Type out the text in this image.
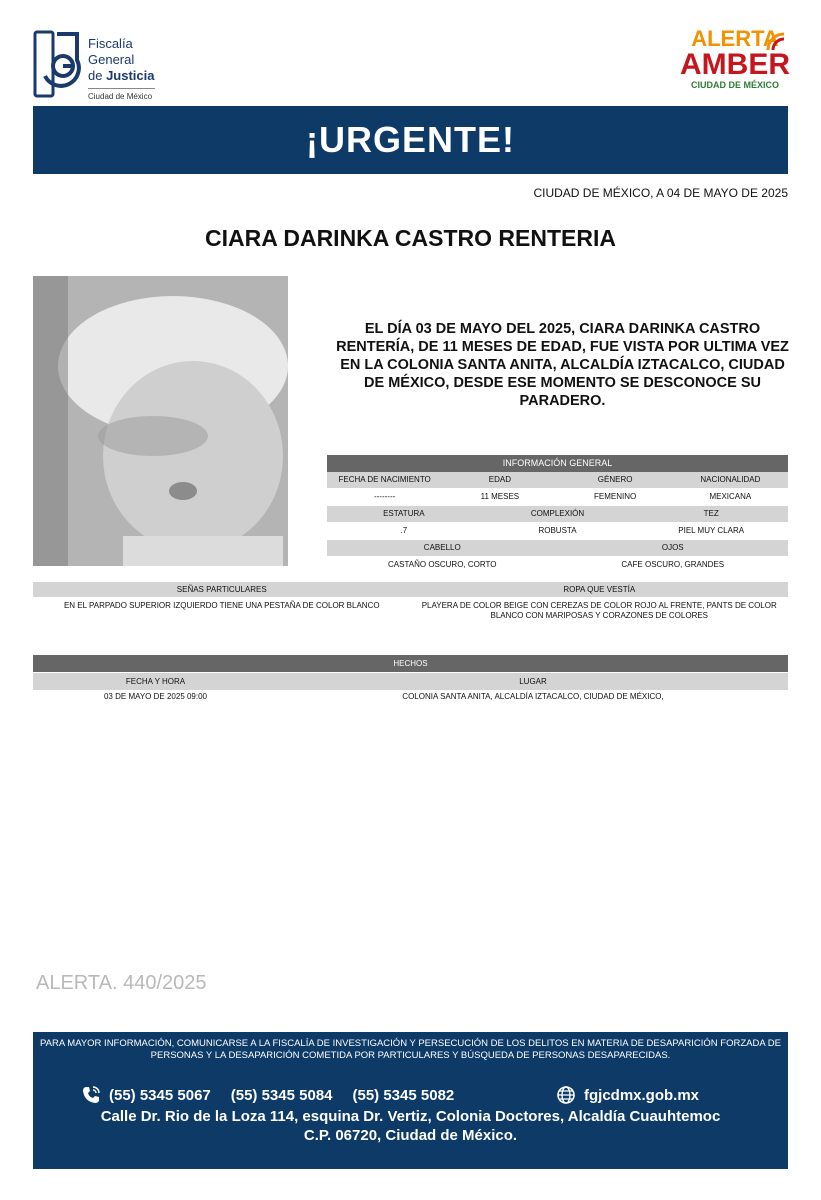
Fiscalía
General
de Justicia
Ciudad de México
ALERTA
AMBER
CIUDAD DE MÉXICO
¡URGENTE!
CIUDAD DE MÉXICO, A 04 DE MAYO DE 2025
CIARA DARINKA CASTRO RENTERIA
EL DÍA 03 DE MAYO DEL 2025, CIARA DARINKA CASTRO RENTERÍA, DE 11 MESES DE EDAD, FUE VISTA POR ULTIMA VEZ EN LA COLONIA SANTA ANITA, ALCALDÍA IZTACALCO, CIUDAD DE MÉXICO, DESDE ESE MOMENTO SE DESCONOCE SU PARADERO.
INFORMACIÓN GENERAL
FECHA DE NACIMIENTO	EDAD	GÉNERO	NACIONALIDAD
--------	11 MESES	FEMENINO	MEXICANA
ESTATURA	COMPLEXIÓN	TEZ
.7	ROBUSTA	PIEL MUY CLARA
CABELLO	OJOS
CASTAÑO OSCURO, CORTO	CAFE OSCURO, GRANDES
SEÑAS PARTICULARES	ROPA QUE VESTÍA
EN EL PARPADO SUPERIOR IZQUIERDO TIENE UNA PESTAÑA DE COLOR BLANCO	PLAYERA DE COLOR BEIGE CON CEREZAS DE COLOR ROJO AL FRENTE, PANTS DE COLOR BLANCO CON MARIPOSAS Y CORAZONES DE COLORES
HECHOS
FECHA Y HORA	LUGAR
03 DE MAYO DE 2025 09:00	COLONIA SANTA ANITA, ALCALDÍA IZTACALCO, CIUDAD DE MÉXICO,
ALERTA. 440/2025
PARA MAYOR INFORMACIÓN, COMUNICARSE A LA FISCALÍA DE INVESTIGACIÓN Y PERSECUCIÓN DE LOS DELITOS EN MATERIA DE DESAPARICIÓN FORZADA DE PERSONAS Y LA DESAPARICIÓN COMETIDA POR PARTICULARES Y BÚSQUEDA DE PERSONAS DESAPARECIDAS.
(55) 5345 5067 (55) 5345 5084 (55) 5345 5082	fgjcdmx.gob.mx
Calle Dr. Rio de la Loza 114, esquina Dr. Vertiz, Colonia Doctores, Alcaldía Cuauhtemoc
C.P. 06720, Ciudad de México.
